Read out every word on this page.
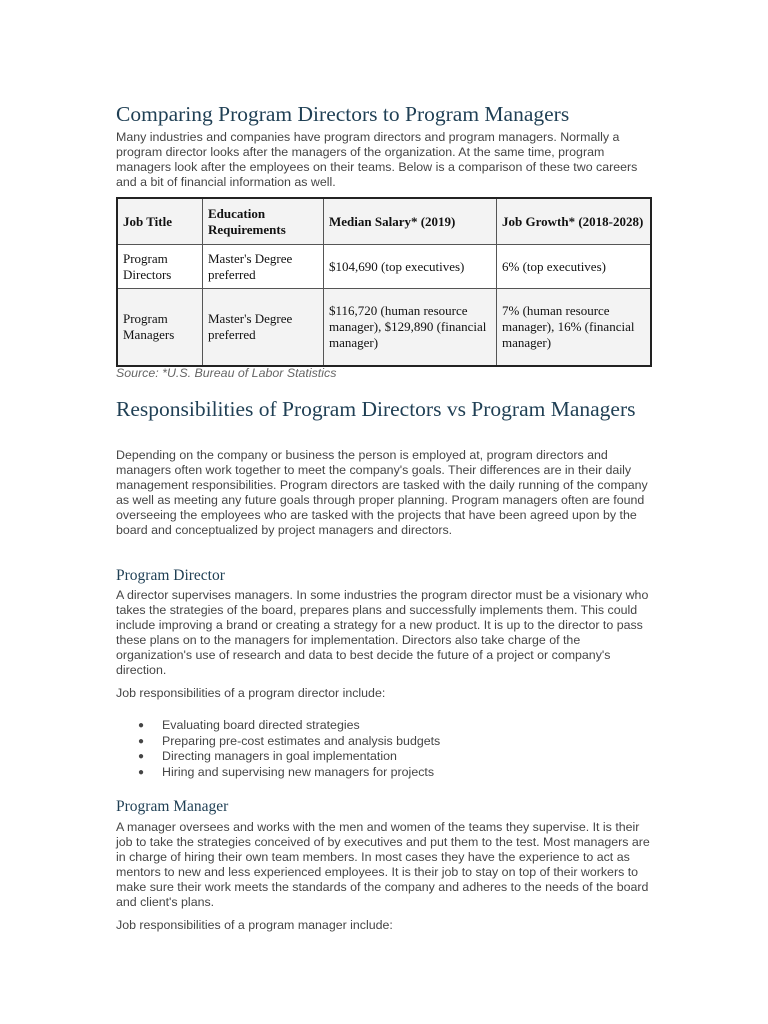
Comparing Program Directors to Program Managers

Many industries and companies have program directors and program managers. Normally a program director looks after the managers of the organization. At the same time, program managers look after the employees on their teams. Below is a comparison of these two careers and a bit of financial information as well.

Job Title	Education Requirements	Median Salary* (2019)	Job Growth* (2018-2028)
Program Directors	Master's Degree preferred	$104,690 (top executives)	6% (top executives)
Program Managers	Master's Degree preferred	$116,720 (human resource manager), $129,890 (financial manager)	7% (human resource manager), 16% (financial manager)
Source: *U.S. Bureau of Labor Statistics
Responsibilities of Program Directors vs Program Managers

Depending on the company or business the person is employed at, program directors and managers often work together to meet the company's goals. Their differences are in their daily management responsibilities. Program directors are tasked with the daily running of the company as well as meeting any future goals through proper planning. Program managers often are found overseeing the employees who are tasked with the projects that have been agreed upon by the board and conceptualized by project managers and directors.

Program Director

A director supervises managers. In some industries the program director must be a visionary who takes the strategies of the board, prepares plans and successfully implements them. This could include improving a brand or creating a strategy for a new product. It is up to the director to pass these plans on to the managers for implementation. Directors also take charge of the organization's use of research and data to best decide the future of a project or company's direction.

Job responsibilities of a program director include:

● Evaluating board directed strategies
● Preparing pre-cost estimates and analysis budgets
● Directing managers in goal implementation
● Hiring and supervising new managers for projects
Program Manager

A manager oversees and works with the men and women of the teams they supervise. It is their job to take the strategies conceived of by executives and put them to the test. Most managers are in charge of hiring their own team members. In most cases they have the experience to act as mentors to new and less experienced employees. It is their job to stay on top of their workers to make sure their work meets the standards of the company and adheres to the needs of the board and client's plans.

Job responsibilities of a program manager include:
